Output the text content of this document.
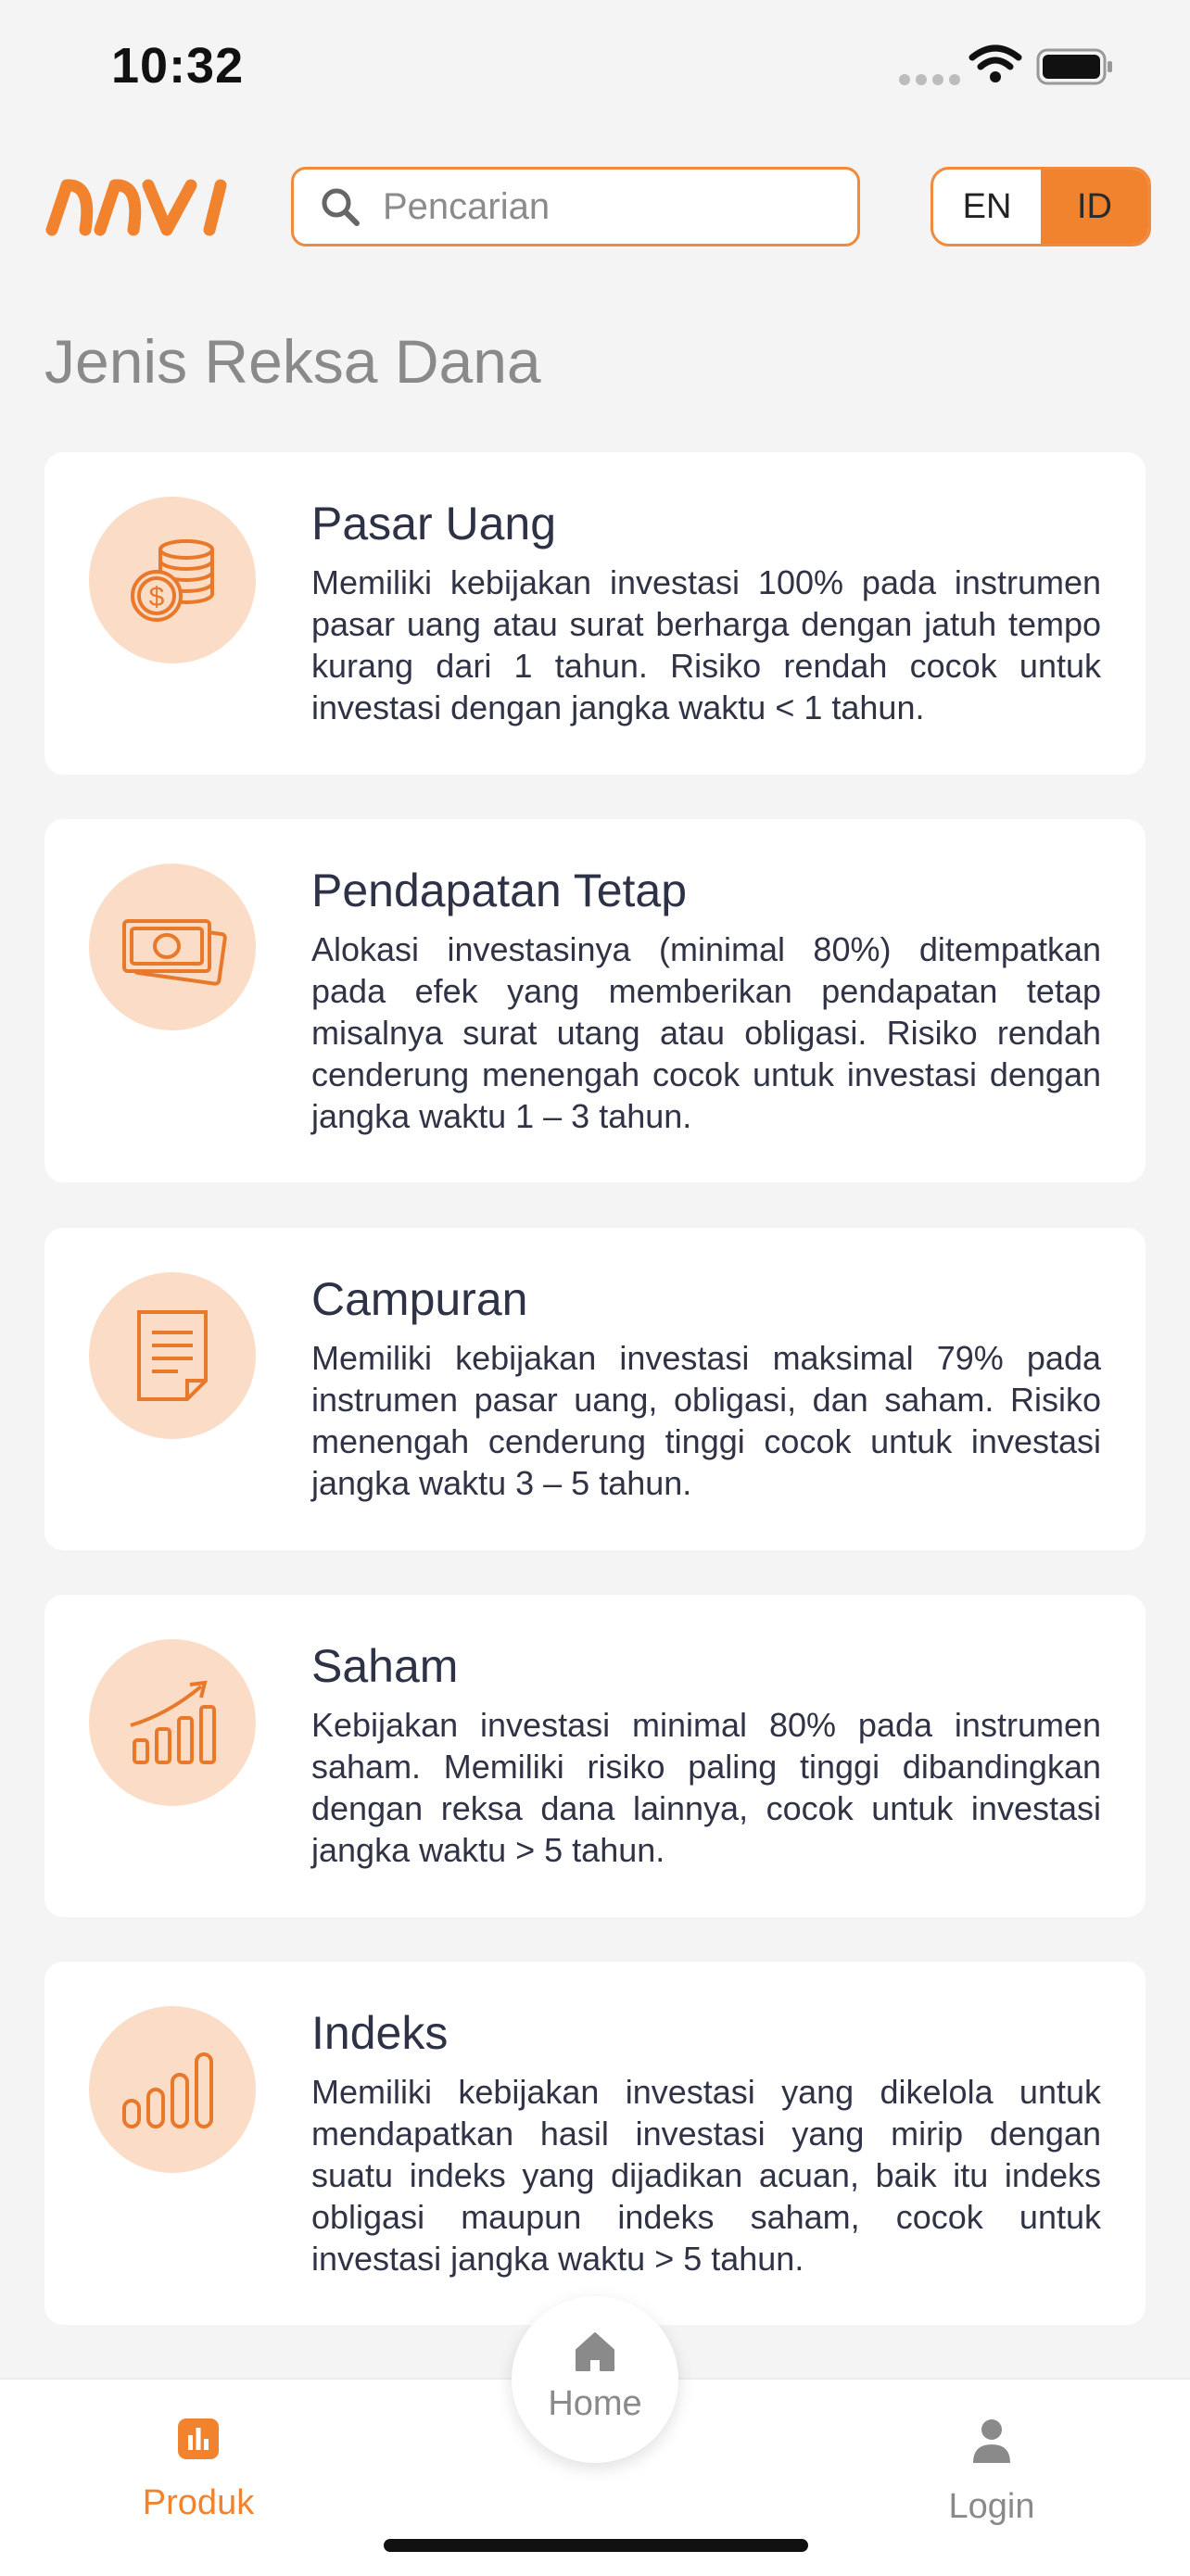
10:32
Pencarian
EN	ID
Jenis Reksa Dana
$
Pasar Uang
Memiliki kebijakan investasi 100% pada instrumen pasar uang atau surat berharga dengan jatuh tempo kurang dari 1 tahun. Risiko rendah cocok untuk investasi dengan jangka waktu < 1 tahun.
Pendapatan Tetap
Alokasi investasinya (minimal 80%) ditempatkan pada efek yang memberikan pendapatan tetap misalnya surat utang atau obligasi. Risiko rendah cenderung menengah cocok untuk investasi dengan jangka waktu 1 – 3 tahun.
Campuran
Memiliki kebijakan investasi maksimal 79% pada instrumen pasar uang, obligasi, dan saham. Risiko menengah cenderung tinggi cocok untuk investasi jangka waktu 3 – 5 tahun.
Saham
Kebijakan investasi minimal 80% pada instrumen saham. Memiliki risiko paling tinggi dibandingkan dengan reksa dana lainnya, cocok untuk investasi jangka waktu > 5 tahun.
Indeks
Memiliki kebijakan investasi yang dikelola untuk mendapatkan hasil investasi yang mirip dengan suatu indeks yang dijadikan acuan, baik itu indeks obligasi maupun indeks saham, cocok untuk investasi jangka waktu > 5 tahun.
Produk	Login
Home
